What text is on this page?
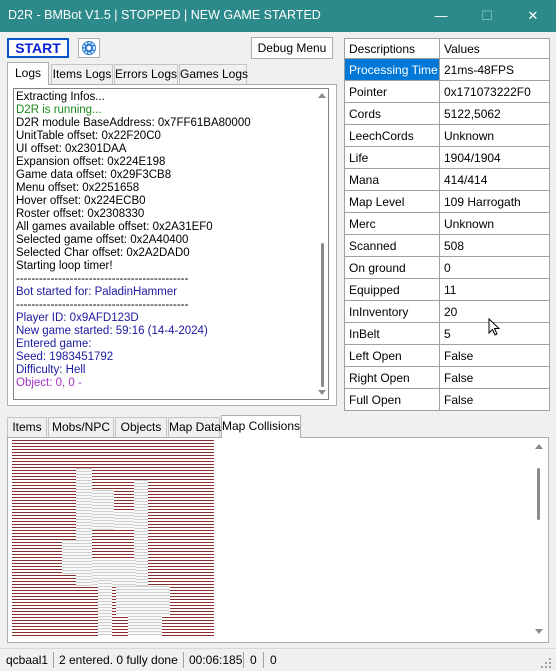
D2R - BMBot V1.5 | STOPPED | NEW GAME STARTED	—	☐	✕
START	Debug Menu
Logs Items Logs Errors Logs Games Logs
Extracting Infos...
D2R is running...
D2R module BaseAddress: 0x7FF61BA80000
UnitTable offset: 0x22F20C0
UI offset: 0x2301DAA
Expansion offset: 0x224E198
Game data offset: 0x29F3CB8
Menu offset: 0x2251658
Hover offset: 0x224ECB0
Roster offset: 0x2308330
All games available offset: 0x2A31EF0
Selected game offset: 0x2A40400
Selected Char offset: 0x2A2DAD0
Starting loop timer!
---------------------------------------------
Bot started for: PaladinHammer
---------------------------------------------
Player ID: 0x9AFD123D
New game started: 59:16 (14-4-2024)
Entered game:
Seed: 1983451792
Difficulty: Hell
Object: 0, 0 -
Descriptions	Values
Processing Time	21ms-48FPS
Pointer	0x171073222F0
Cords	5122,5062
LeechCords	Unknown
Life	1904/1904
Mana	414/414
Map Level	109 Harrogath
Merc	Unknown
Scanned	508
On ground	0
Equipped	11
InInventory	20
InBelt	5
Left Open	False
Right Open	False
Full Open	False
Items Mobs/NPC Objects Map Data Map Collisions
qcbaal1 2 entered. 0 fully done 00:06:185 0 0
